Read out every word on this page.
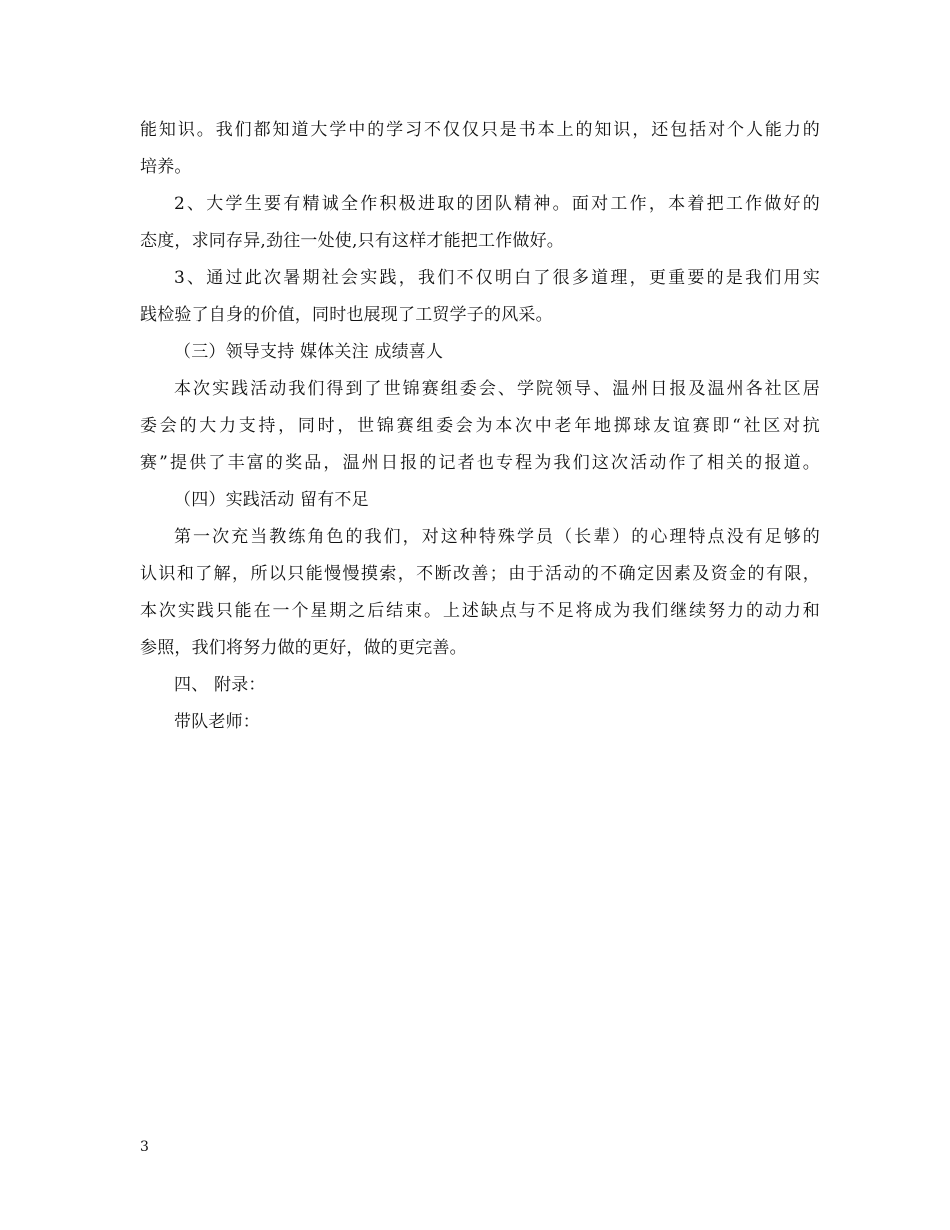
能知识。我们都知道大学中的学习不仅仅只是书本上的知识，还包括对个人能力的
培养。
2、大学生要有精诚全作积极进取的团队精神。面对工作，本着把工作做好的
态度，求同存异,劲往一处使,只有这样才能把工作做好。
3、通过此次暑期社会实践，我们不仅明白了很多道理，更重要的是我们用实
践检验了自身的价值，同时也展现了工贸学子的风采。
（三）领导支持 媒体关注 成绩喜人
本次实践活动我们得到了世锦赛组委会、学院领导、温州日报及温州各社区居
委会的大力支持，同时，世锦赛组委会为本次中老年地掷球友谊赛即“社区对抗
赛”提供了丰富的奖品，温州日报的记者也专程为我们这次活动作了相关的报道。
（四）实践活动 留有不足
第一次充当教练角色的我们，对这种特殊学员（长辈）的心理特点没有足够的
认识和了解，所以只能慢慢摸索，不断改善；由于活动的不确定因素及资金的有限，
本次实践只能在一个星期之后结束。上述缺点与不足将成为我们继续努力的动力和
参照，我们将努力做的更好，做的更完善。
四、 附录：
带队老师：
3
